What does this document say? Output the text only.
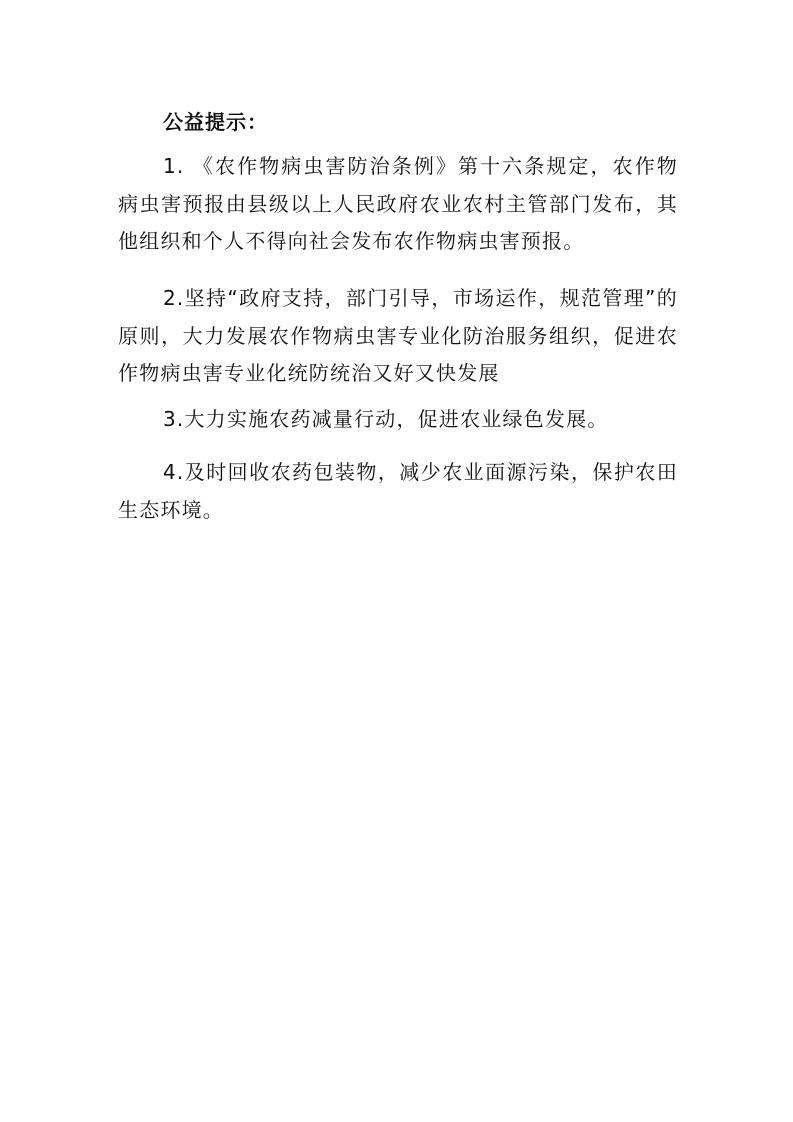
公益提示：

1. 《农作物病虫害防治条例》第十六条规定，农作物病虫害预报由县级以上人民政府农业农村主管部门发布，其他组织和个人不得向社会发布农作物病虫害预报。

2.坚持“政府支持，部门引导，市场运作，规范管理”的原则，大力发展农作物病虫害专业化防治服务组织，促进农作物病虫害专业化统防统治又好又快发展

3.大力实施农药减量行动，促进农业绿色发展。

4.及时回收农药包装物，减少农业面源污染，保护农田生态环境。
